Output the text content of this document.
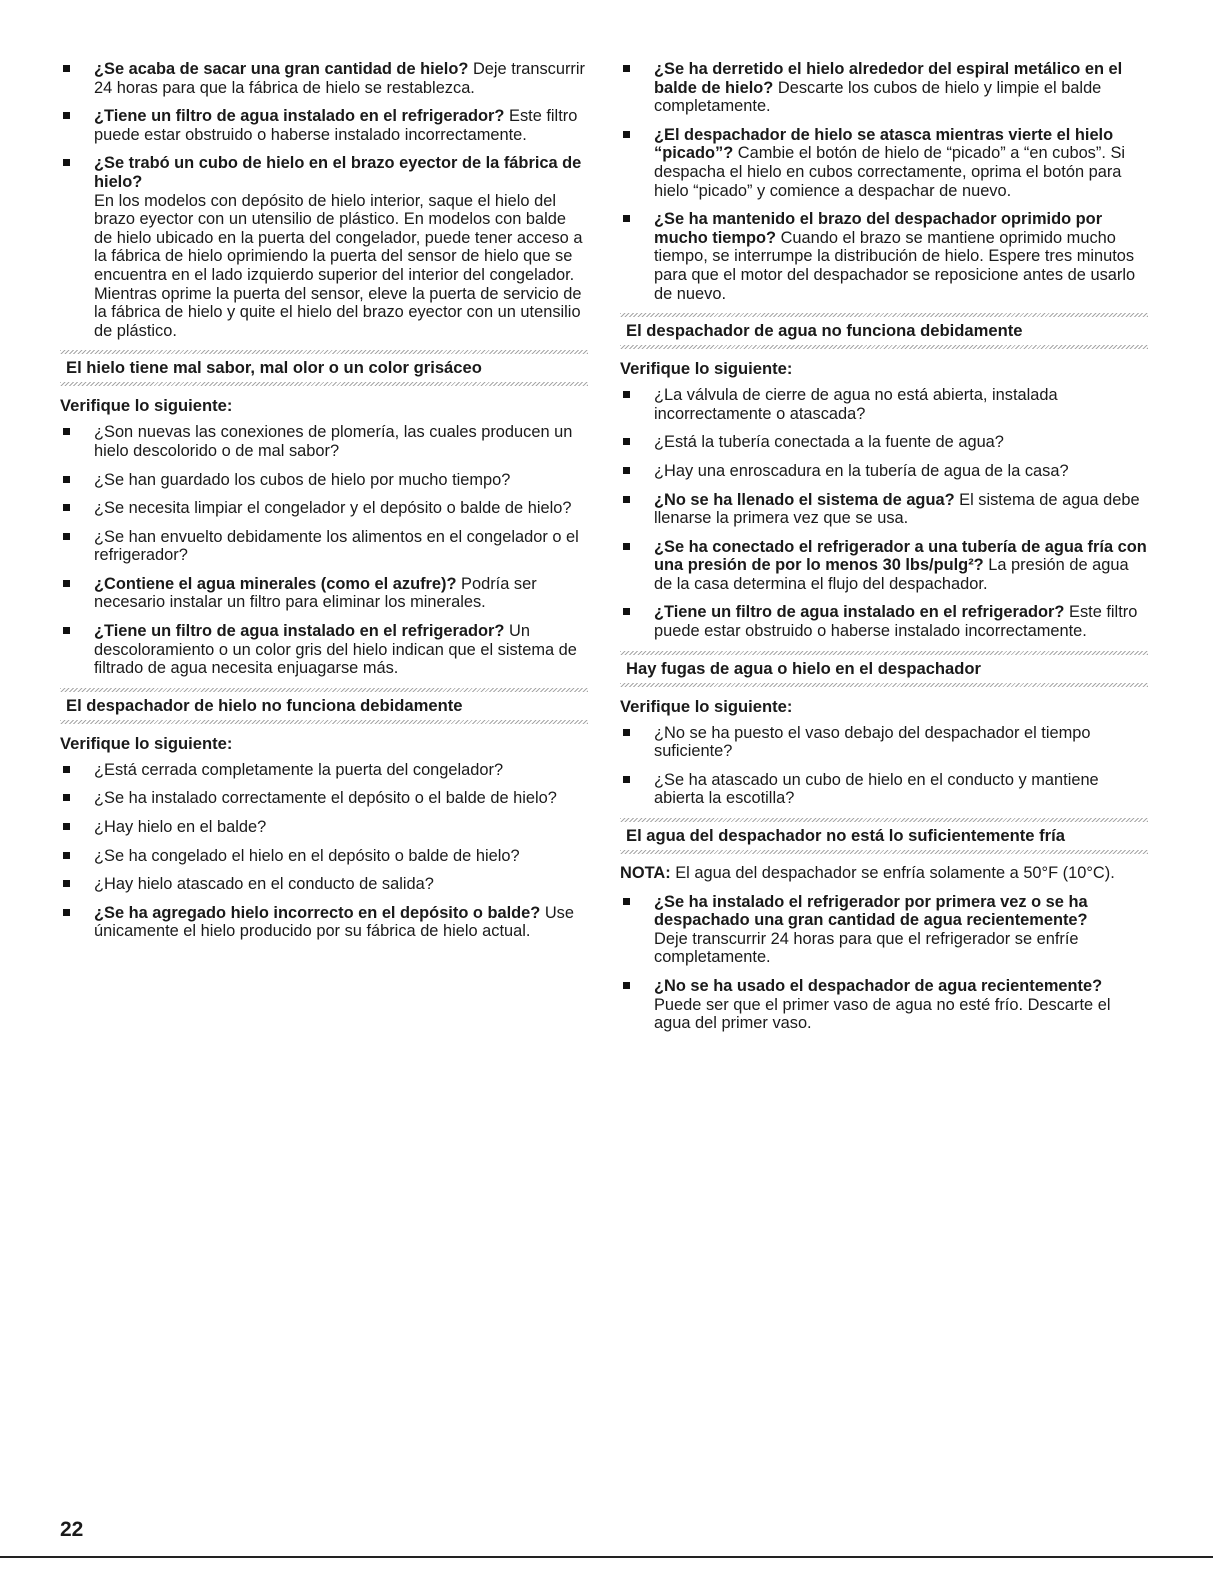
¿Se acaba de sacar una gran cantidad de hielo? Deje transcurrir 24 horas para que la fábrica de hielo se restablezca.
¿Tiene un filtro de agua instalado en el refrigerador? Este filtro puede estar obstruido o haberse instalado incorrectamente.
¿Se trabó un cubo de hielo en el brazo eyector de la fábrica de hielo?
En los modelos con depósito de hielo interior, saque el hielo del brazo eyector con un utensilio de plástico. En modelos con balde de hielo ubicado en la puerta del congelador, puede tener acceso a la fábrica de hielo oprimiendo la puerta del sensor de hielo que se encuentra en el lado izquierdo superior del interior del congelador. Mientras oprime la puerta del sensor, eleve la puerta de servicio de la fábrica de hielo y quite el hielo del brazo eyector con un utensilio de plástico.
El hielo tiene mal sabor, mal olor o un color grisáceo
Verifique lo siguiente:
¿Son nuevas las conexiones de plomería, las cuales producen un hielo descolorido o de mal sabor?
¿Se han guardado los cubos de hielo por mucho tiempo?
¿Se necesita limpiar el congelador y el depósito o balde de hielo?
¿Se han envuelto debidamente los alimentos en el congelador o el refrigerador?
¿Contiene el agua minerales (como el azufre)? Podría ser necesario instalar un filtro para eliminar los minerales.
¿Tiene un filtro de agua instalado en el refrigerador? Un descoloramiento o un color gris del hielo indican que el sistema de filtrado de agua necesita enjuagarse más.
El despachador de hielo no funciona debidamente
Verifique lo siguiente:
¿Está cerrada completamente la puerta del congelador?
¿Se ha instalado correctamente el depósito o el balde de hielo?
¿Hay hielo en el balde?
¿Se ha congelado el hielo en el depósito o balde de hielo?
¿Hay hielo atascado en el conducto de salida?
¿Se ha agregado hielo incorrecto en el depósito o balde? Use únicamente el hielo producido por su fábrica de hielo actual.
¿Se ha derretido el hielo alrededor del espiral metálico en el balde de hielo? Descarte los cubos de hielo y limpie el balde completamente.
¿El despachador de hielo se atasca mientras vierte el hielo “picado”? Cambie el botón de hielo de “picado” a “en cubos”. Si despacha el hielo en cubos correctamente, oprima el botón para hielo “picado” y comience a despachar de nuevo.
¿Se ha mantenido el brazo del despachador oprimido por mucho tiempo? Cuando el brazo se mantiene oprimido mucho tiempo, se interrumpe la distribución de hielo. Espere tres minutos para que el motor del despachador se reposicione antes de usarlo de nuevo.
El despachador de agua no funciona debidamente
Verifique lo siguiente:
¿La válvula de cierre de agua no está abierta, instalada incorrectamente o atascada?
¿Está la tubería conectada a la fuente de agua?
¿Hay una enroscadura en la tubería de agua de la casa?
¿No se ha llenado el sistema de agua? El sistema de agua debe llenarse la primera vez que se usa.
¿Se ha conectado el refrigerador a una tubería de agua fría con una presión de por lo menos 30 lbs/pulg²? La presión de agua de la casa determina el flujo del despachador.
¿Tiene un filtro de agua instalado en el refrigerador? Este filtro puede estar obstruido o haberse instalado incorrectamente.
Hay fugas de agua o hielo en el despachador
Verifique lo siguiente:
¿No se ha puesto el vaso debajo del despachador el tiempo suficiente?
¿Se ha atascado un cubo de hielo en el conducto y mantiene abierta la escotilla?
El agua del despachador no está lo suficientemente fría
NOTA: El agua del despachador se enfría solamente a 50°F (10°C).
¿Se ha instalado el refrigerador por primera vez o se ha despachado una gran cantidad de agua recientemente?
Deje transcurrir 24 horas para que el refrigerador se enfríe completamente.
¿No se ha usado el despachador de agua recientemente?
Puede ser que el primer vaso de agua no esté frío. Descarte el agua del primer vaso.
22
